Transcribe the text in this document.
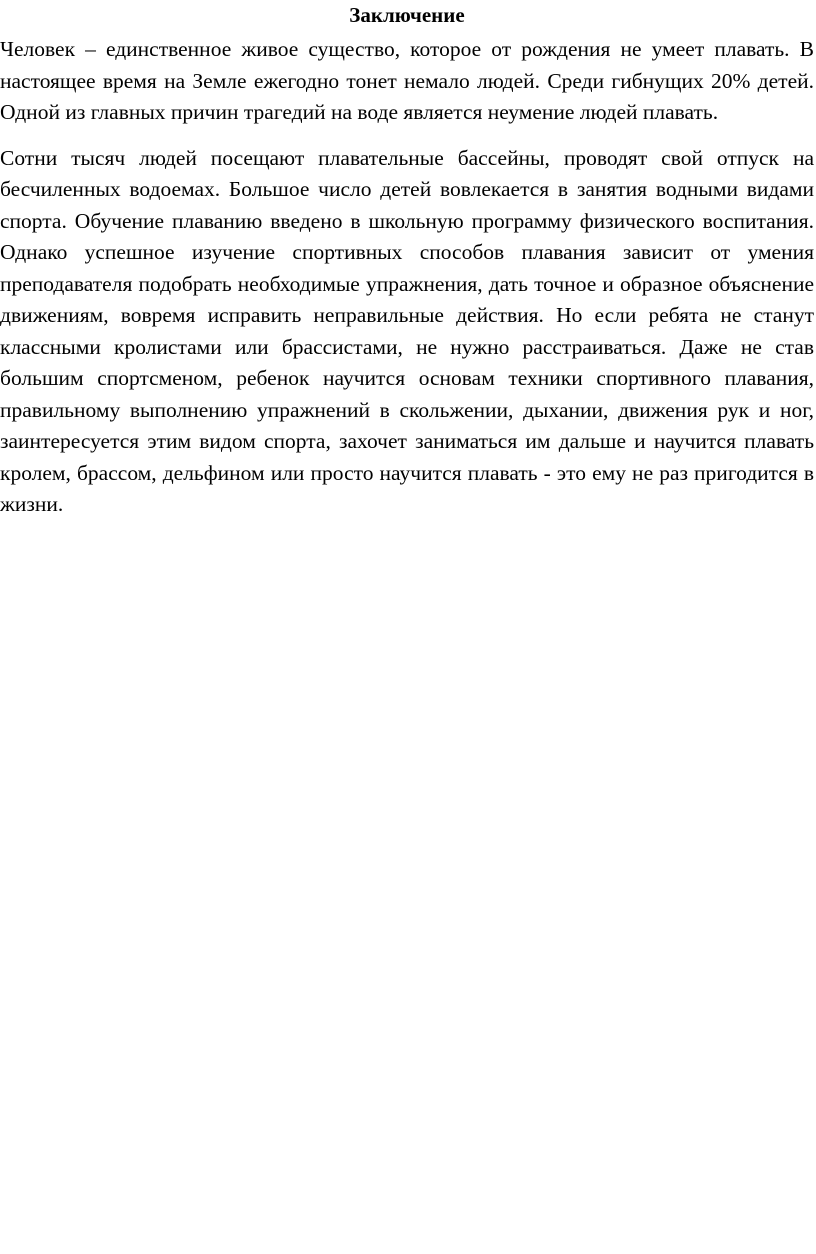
Заключение

Человек – единственное живое существо, которое от рождения не умеет плавать. В настоящее время на Земле ежегодно тонет немало людей. Среди гибнущих 20% детей. Одной из главных причин трагедий на воде является неумение людей плавать.

Сотни тысяч людей посещают плавательные бассейны, проводят свой отпуск на бесчиленных водоемах. Большое число детей вовлекается в занятия водными видами спорта. Обучение плаванию введено в школьную программу физического воспитания. Однако успешное изучение спортивных способов плавания зависит от умения преподавателя подобрать необходимые упражнения, дать точное и образное объяснение движениям, вовремя исправить неправильные действия. Но если ребята не станут классными кролистами или брассистами, не нужно расстраиваться. Даже не став большим спортсменом, ребенок научится основам техники спортивного плавания, правильному выполнению упражнений в скольжении, дыхании, движения рук и ног, заинтересуется этим видом спорта, захочет заниматься им дальше и научится плавать кролем, брассом, дельфином или просто научится плавать - это ему не раз пригодится в жизни.
